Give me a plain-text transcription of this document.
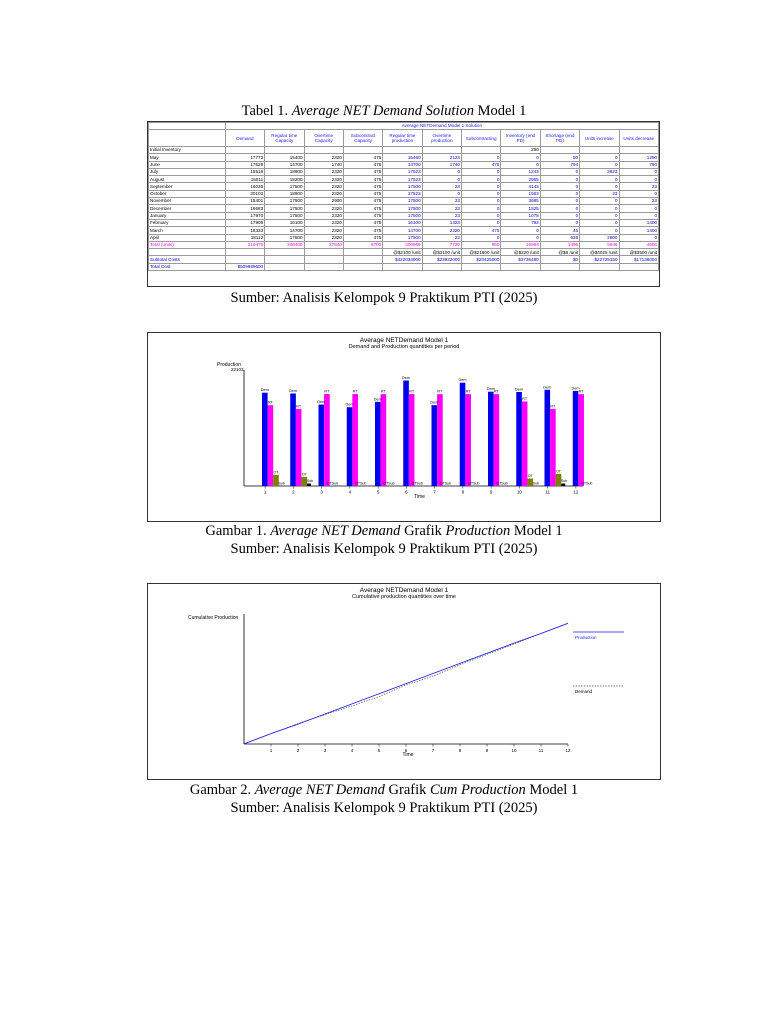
Tabel 1. Average NET Demand Solution Model 1
	Average NETDemand Model 1 Solution										
	Demand	Regular time Capacity	Overtime Capacity	Subcontract Capacity	Regular time production	Overtime production	Subcontracting	Inventory (end PD)	Shortage (end PD)	Units increase	Units decrease
Initial Inventory								290			
May	17773	15400	2320	475	15460	2123	0	0	50	0	1250
June	17629	14700	1740	475	14700	1740	475	0	794	0	790
July	15516	18900	2320	475	17523	0	0	1243	0	2823	0
August	15011	18200	2320	475	17523	0	0	2955	0	0	0
September	16035	17500	2320	475	17500	23	0	4143	0	0	23
October	20103	18900	2320	475	17523	0	0	1563	0	23	0
November	15401	17500	2900	475	17500	23	0	3685	0	0	23
December	19683	17500	2320	475	17500	23	0	1525	0	0	0
January	17970	17500	2320	475	17500	23	0	1078	0	0	0
February	17909	16100	2320	475	16100	1423	0	792	0	0	1400
March	18333	14700	2320	475	14700	2320	475	0	46	0	1400
April	18112	17500	2320	475	17500	22	0	0	636	2800	0
Total (units)	210475	206400	27840	5700	206969	7720	950	16984	1496	5646	4506
					@$2100 /unit	@$3100 /unit	@$21500 /unit	@$220 /unit	@$6 /unit	@$4025 /unit	@$3500 /unit
Subtotal Costs					$422034900	$23932000	$20425000	$3736480	$0	$22725150	$17136000
Total Cost	$509989600										
Sumber: Analisis Kelompok 9 Praktikum PTI (2025)
Average NETDemand Model 1
Demand and Production quantities per period
Production
22103
Time
Dem
RT
OT
Sub
1
Dem
RT
OT
Sub
2
Dem
RT
OTSub
3
Dem
RT
OTSub
4
Dem
RT
OTSub
5
Dem
RT
OTSub
6
Dem
RT
OTSub
7
Dem
RT
OTSub
8
Dem
RT
OTSub
9
Dem
RT
OT
Sub
10
Dem
RT
OT
Sub
11
Dem
RT
OTSub
12
Gambar 1. Average NET Demand Grafik Production Model 1
Sumber: Analisis Kelompok 9 Praktikum PTI (2025)
Average NETDemand Model 1
Cumulative production quantities over time
Cumulative Production
Time
1	2	3	4	5	6	7	8	9	10	11	12
Production
Demand
Gambar 2. Average NET Demand Grafik Cum Production Model 1
Sumber: Analisis Kelompok 9 Praktikum PTI (2025)
